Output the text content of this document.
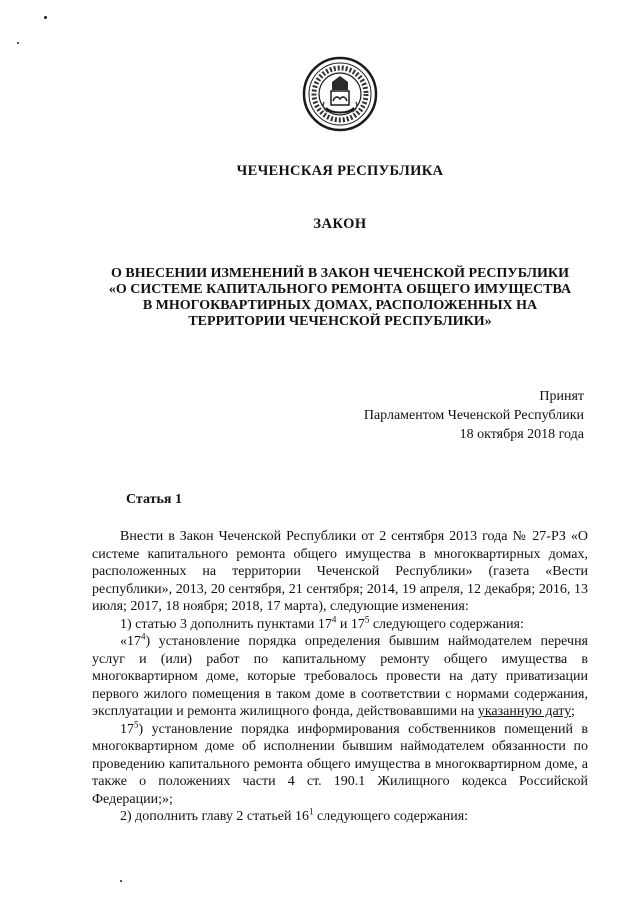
ЧЕЧЕНСКАЯ РЕСПУБЛИКА
ЗАКОН
О ВНЕСЕНИИ ИЗМЕНЕНИЙ В ЗАКОН ЧЕЧЕНСКОЙ РЕСПУБЛИКИ
«О СИСТЕМЕ КАПИТАЛЬНОГО РЕМОНТА ОБЩЕГО ИМУЩЕСТВА
В МНОГОКВАРТИРНЫХ ДОМАХ, РАСПОЛОЖЕННЫХ НА
ТЕРРИТОРИИ ЧЕЧЕНСКОЙ РЕСПУБЛИКИ»
Принят
Парламентом Чеченской Республики
18 октября 2018 года
Статья 1

Внести в Закон Чеченской Республики от 2 сентября 2013 года № 27-РЗ «О системе капитального ремонта общего имущества в многоквартирных домах, расположенных на территории Чеченской Республики» (газета «Вести республики», 2013, 20 сентября, 21 сентября; 2014, 19 апреля, 12 декабря; 2016, 13 июля; 2017, 18 ноября; 2018, 17 марта), следующие изменения:

1) статью 3 дополнить пунктами $17^4$ и $17^5$ следующего содержания:

«$17^4$) установление порядка определения бывшим наймодателем перечня услуг и (или) работ по капитальному ремонту общего имущества в многоквартирном доме, которые требовалось провести на дату приватизации первого жилого помещения в таком доме в соответствии с нормами содержания, эксплуатации и ремонта жилищного фонда, действовавшими на указанную дату;

$17^5$) установление порядка информирования собственников помещений в многоквартирном доме об исполнении бывшим наймодателем обязанности по проведению капитального ремонта общего имущества в многоквартирном доме, а также о положениях части 4 ст. 190.1 Жилищного кодекса Российской Федерации;»;

2) дополнить главу 2 статьей $16^1$ следующего содержания:
